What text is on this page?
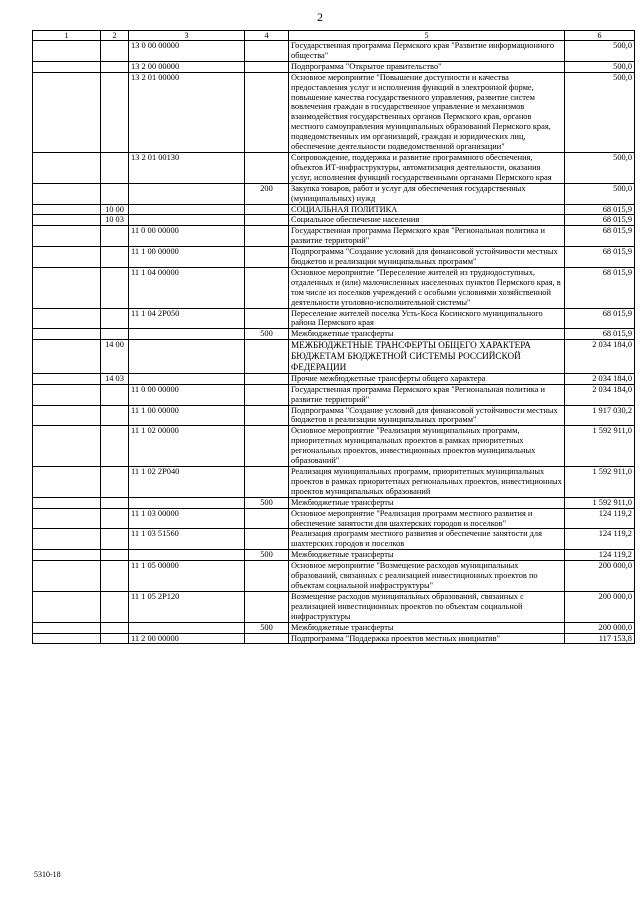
2
1	2	3	4	5	6
		13 0 00 00000		Государственная программа Пермского края "Развитие информационного общества"	500,0
		13 2 00 00000		Подпрограмма "Открытое правительство"	500,0
		13 2 01 00000		Основное мероприятие "Повышение доступности и качества предоставления услуг и исполнения функций в электронной форме, повышение качества государственного управления, развитие систем вовлечения граждан в государственное управление и механизмов взаимодействия государственных органов Пермского края, органов местного самоуправления муниципальных образований Пермского края, подведомственных им организаций, граждан и юридических лиц, обеспечение деятельности подведомственной организации"	500,0
		13 2 01 00130		Сопровождение, поддержка и развитие программного обеспечения, объектов ИТ-инфраструктуры, автоматизация деятельности, оказания услуг, исполнения функций государственными органами Пермского края	500,0
			200	Закупка товаров, работ и услуг для обеспечения государственных (муниципальных) нужд	500,0
	10 00			СОЦИАЛЬНАЯ ПОЛИТИКА	68 015,9
	10 03			Социальное обеспечение населения	68 015,9
		11 0 00 00000		Государственная программа Пермского края "Региональная политика и развитие территорий"	68 015,9
		11 1 00 00000		Подпрограмма "Создание условий для финансовой устойчивости местных бюджетов и реализации муниципальных программ"	68 015,9
		11 1 04 00000		Основное мероприятие "Переселение жителей из труднодоступных, отдаленных и (или) малочисленных населенных пунктов Пермского края, в том числе из поселков учреждений с особыми условиями хозяйственной деятельности уголовно-исполнительной системы"	68 015,9
		11 1 04 2P050		Переселение жителей поселка Усть-Коса Косинского муниципального района Пермского края	68 015,9
			500	Межбюджетные трансферты	68 015,9
	14 00			МЕЖБЮДЖЕТНЫЕ ТРАНСФЕРТЫ ОБЩЕГО ХАРАКТЕРА БЮДЖЕТАМ БЮДЖЕТНОЙ СИСТЕМЫ РОССИЙСКОЙ ФЕДЕРАЦИИ	2 034 184,0
	14 03			Прочие межбюджетные трансферты общего характера	2 034 184,0
		11 0 00 00000		Государственная программа Пермского края "Региональная политика и развитие территорий"	2 034 184,0
		11 1 00 00000		Подпрограмма "Создание условий для финансовой устойчивости местных бюджетов и реализации муниципальных программ"	1 917 030,2
		11 1 02 00000		Основное мероприятие "Реализация муниципальных программ, приоритетных муниципальных проектов в рамках приоритетных региональных проектов, инвестиционных проектов муниципальных образований"	1 592 911,0
		11 1 02 2P040		Реализация муниципальных программ, приоритетных муниципальных проектов в рамках приоритетных региональных проектов, инвестиционных проектов муниципальных образований	1 592 911,0
			500	Межбюджетные трансферты	1 592 911,0
		11 1 03 00000		Основное мероприятие "Реализация программ местного развития и обеспечение занятости для шахтерских городов и поселков"	124 119,2
		11 1 03 51560		Реализация программ местного развития и обеспечение занятости для шахтерских городов и поселков	124 119,2
			500	Межбюджетные трансферты	124 119,2
		11 1 05 00000		Основное мероприятие "Возмещение расходов муниципальных образований, связанных с реализацией инвестиционных проектов по объектам социальной инфраструктуры"	200 000,0
		11 1 05 2P120		Возмещение расходов муниципальных образований, связанных с реализацией инвестиционных проектов по объектам социальной инфраструктуры	200 000,0
			500	Межбюджетные трансферты	200 000,0
		11 2 00 00000		Подпрограмма "Поддержка проектов местных инициатив"	117 153,8
5310-18
